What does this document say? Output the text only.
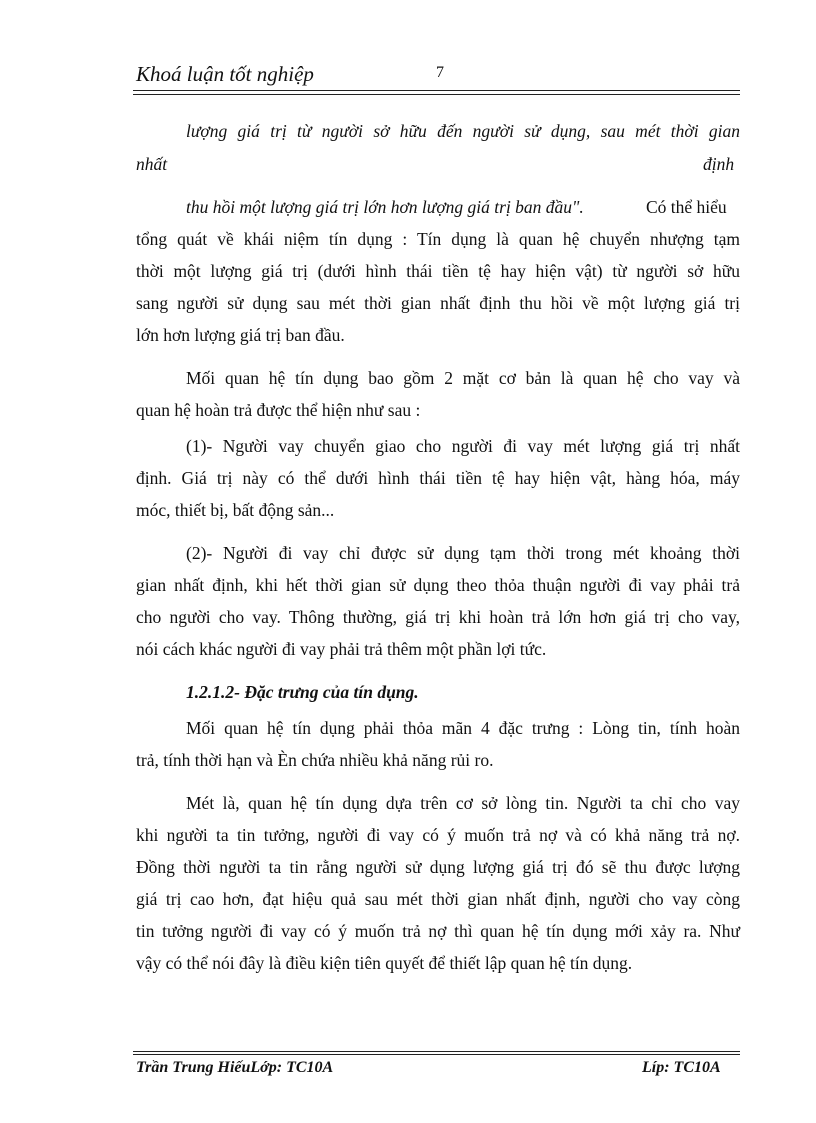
Khoá luận tốt nghiệp	7
lượng giá trị từ người sở hữu đến người sử dụng, sau mét thời gian
nhất	định
thu hồi một lượng giá trị lớn hơn lượng giá trị ban đầu".	Có thể hiểu
tổng quát về khái niệm tín dụng : Tín dụng là quan hệ chuyển nhượng tạm
thời một lượng giá trị (dưới hình thái tiền tệ hay hiện vật) từ người sở hữu
sang người sử dụng sau mét thời gian nhất định thu hồi về một lượng giá trị
lớn hơn lượng giá trị ban đầu.
Mối quan hệ tín dụng bao gồm 2 mặt cơ bản là quan hệ cho vay và
quan hệ hoàn trả được thể hiện như sau :
(1)- Người vay chuyển giao cho người đi vay mét lượng giá trị nhất
định. Giá trị này có thể dưới hình thái tiền tệ hay hiện vật, hàng hóa, máy
móc, thiết bị, bất động sản...
(2)- Người đi vay chỉ được sử dụng tạm thời trong mét khoảng thời
gian nhất định, khi hết thời gian sử dụng theo thỏa thuận người đi vay phải trả
cho người cho vay. Thông thường, giá trị khi hoàn trả lớn hơn giá trị cho vay,
nói cách khác người đi vay phải trả thêm một phần lợi tức.
1.2.1.2- Đặc trưng của tín dụng.
Mối quan hệ tín dụng phải thỏa mãn 4 đặc trưng : Lòng tin, tính hoàn
trả, tính thời hạn và Èn chứa nhiều khả năng rủi ro.
Mét là, quan hệ tín dụng dựa trên cơ sở lòng tin. Người ta chỉ cho vay
khi người ta tin tưởng, người đi vay có ý muốn trả nợ và có khả năng trả nợ.
Đồng thời người ta tin rằng người sử dụng lượng giá trị đó sẽ thu được lượng
giá trị cao hơn, đạt hiệu quả sau mét thời gian nhất định, người cho vay còng
tin tưởng người đi vay có ý muốn trả nợ thì quan hệ tín dụng mới xảy ra. Như
vậy có thể nói đây là điều kiện tiên quyết để thiết lập quan hệ tín dụng.
Trần Trung HiếuLớp: TC10A	Líp: TC10A
